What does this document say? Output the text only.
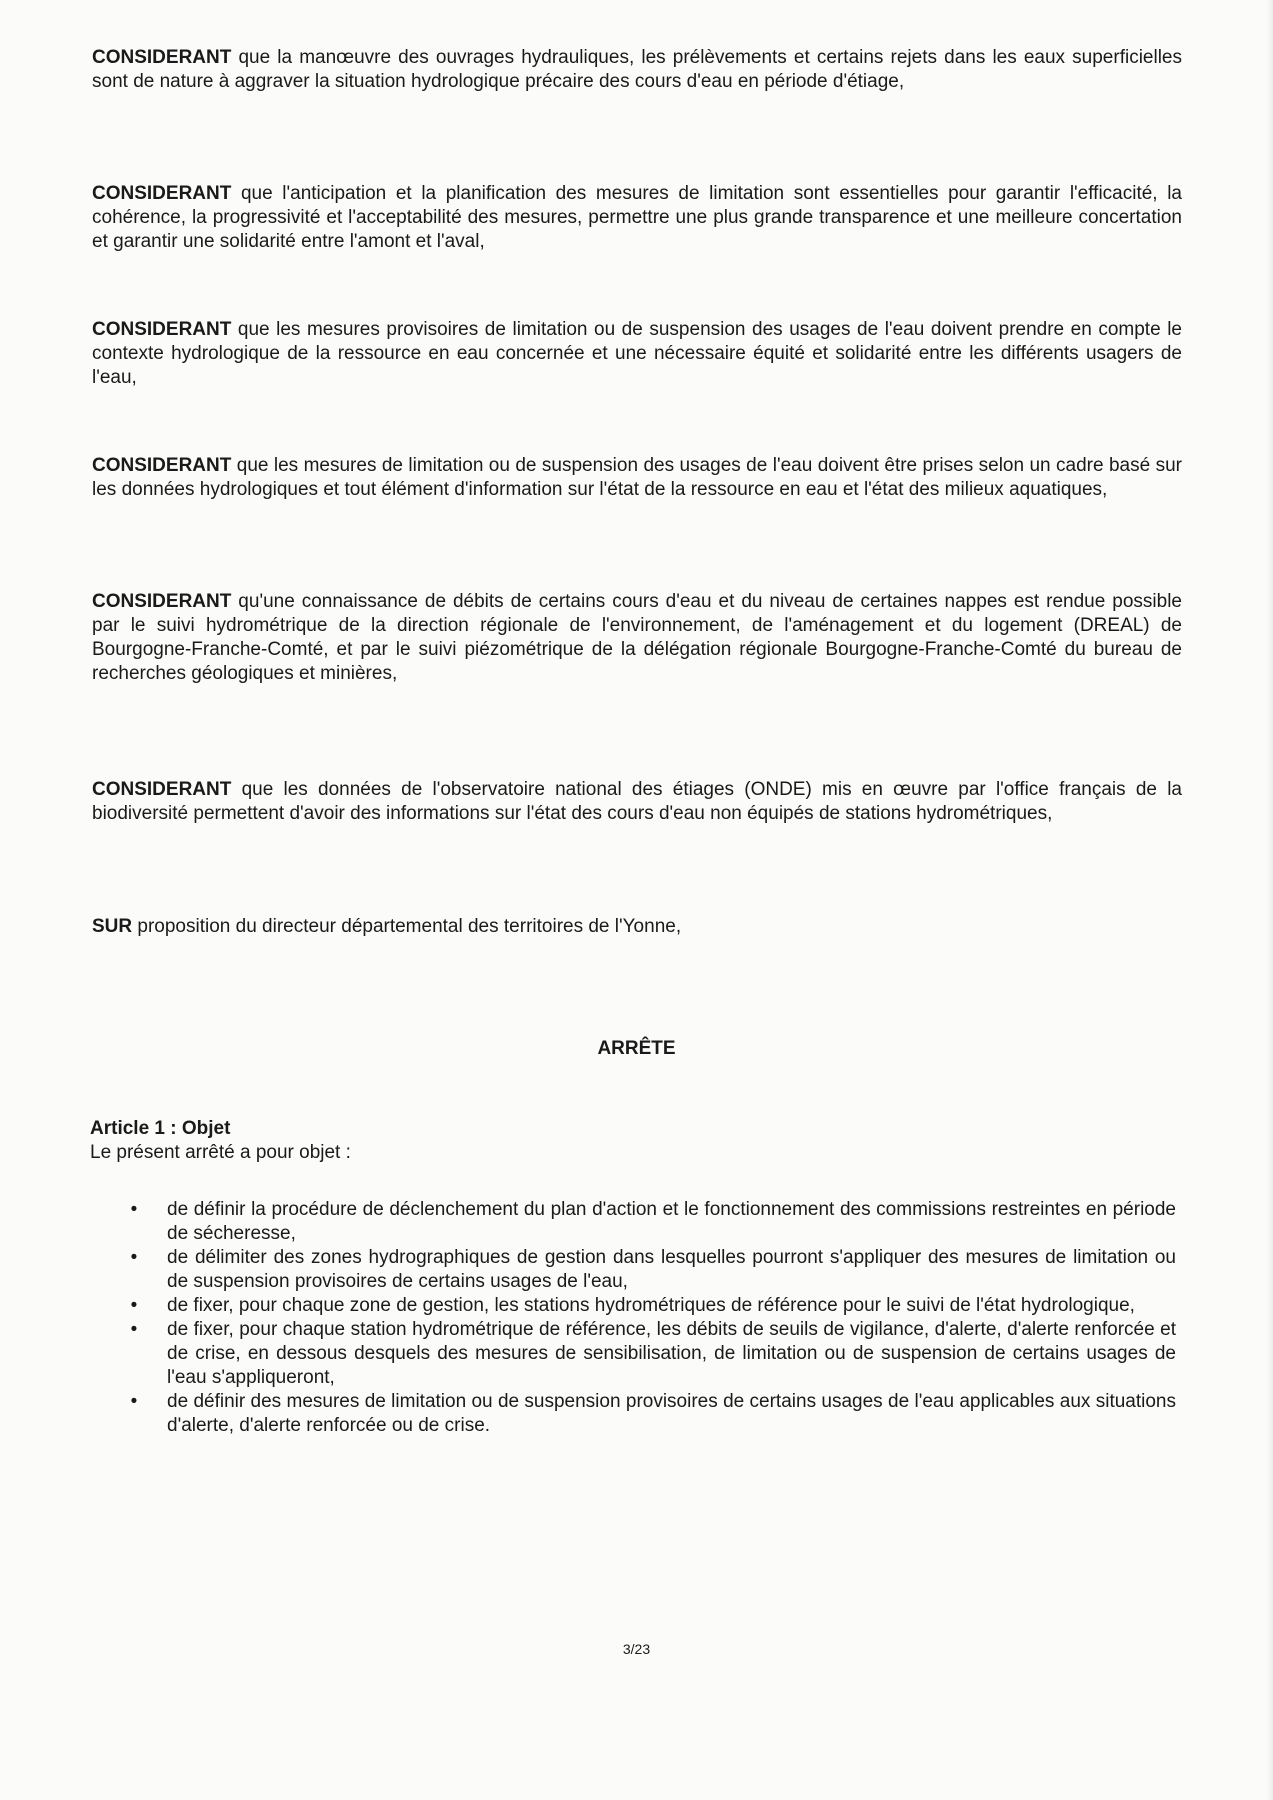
CONSIDERANT que la manœuvre des ouvrages hydrauliques, les prélèvements et certains rejets dans les eaux superficielles sont de nature à aggraver la situation hydrologique précaire des cours d'eau en période d'étiage,

CONSIDERANT que l'anticipation et la planification des mesures de limitation sont essentielles pour garantir l'efficacité, la cohérence, la progressivité et l'acceptabilité des mesures, permettre une plus grande transparence et une meilleure concertation et garantir une solidarité entre l'amont et l'aval,

CONSIDERANT que les mesures provisoires de limitation ou de suspension des usages de l'eau doivent prendre en compte le contexte hydrologique de la ressource en eau concernée et une nécessaire équité et solidarité entre les différents usagers de l'eau,

CONSIDERANT que les mesures de limitation ou de suspension des usages de l'eau doivent être prises selon un cadre basé sur les données hydrologiques et tout élément d'information sur l'état de la ressource en eau et l'état des milieux aquatiques,

CONSIDERANT qu'une connaissance de débits de certains cours d'eau et du niveau de certaines nappes est rendue possible par le suivi hydrométrique de la direction régionale de l'environnement, de l'aménagement et du logement (DREAL) de Bourgogne-Franche-Comté, et par le suivi piézométrique de la délégation régionale Bourgogne-Franche-Comté du bureau de recherches géologiques et minières,

CONSIDERANT que les données de l'observatoire national des étiages (ONDE) mis en œuvre par l'office français de la biodiversité permettent d'avoir des informations sur l'état des cours d'eau non équipés de stations hydrométriques,

SUR proposition du directeur départemental des territoires de l'Yonne,

ARRÊTE

Article 1 : Objet

Le présent arrêté a pour objet :

• de définir la procédure de déclenchement du plan d'action et le fonctionnement des commissions restreintes en période de sécheresse,
• de délimiter des zones hydrographiques de gestion dans lesquelles pourront s'appliquer des mesures de limitation ou de suspension provisoires de certains usages de l'eau,
• de fixer, pour chaque zone de gestion, les stations hydrométriques de référence pour le suivi de l'état hydrologique,
• de fixer, pour chaque station hydrométrique de référence, les débits de seuils de vigilance, d'alerte, d'alerte renforcée et de crise, en dessous desquels des mesures de sensibilisation, de limitation ou de suspension de certains usages de l'eau s'appliqueront,
• de définir des mesures de limitation ou de suspension provisoires de certains usages de l'eau applicables aux situations d'alerte, d'alerte renforcée ou de crise.

3/23
